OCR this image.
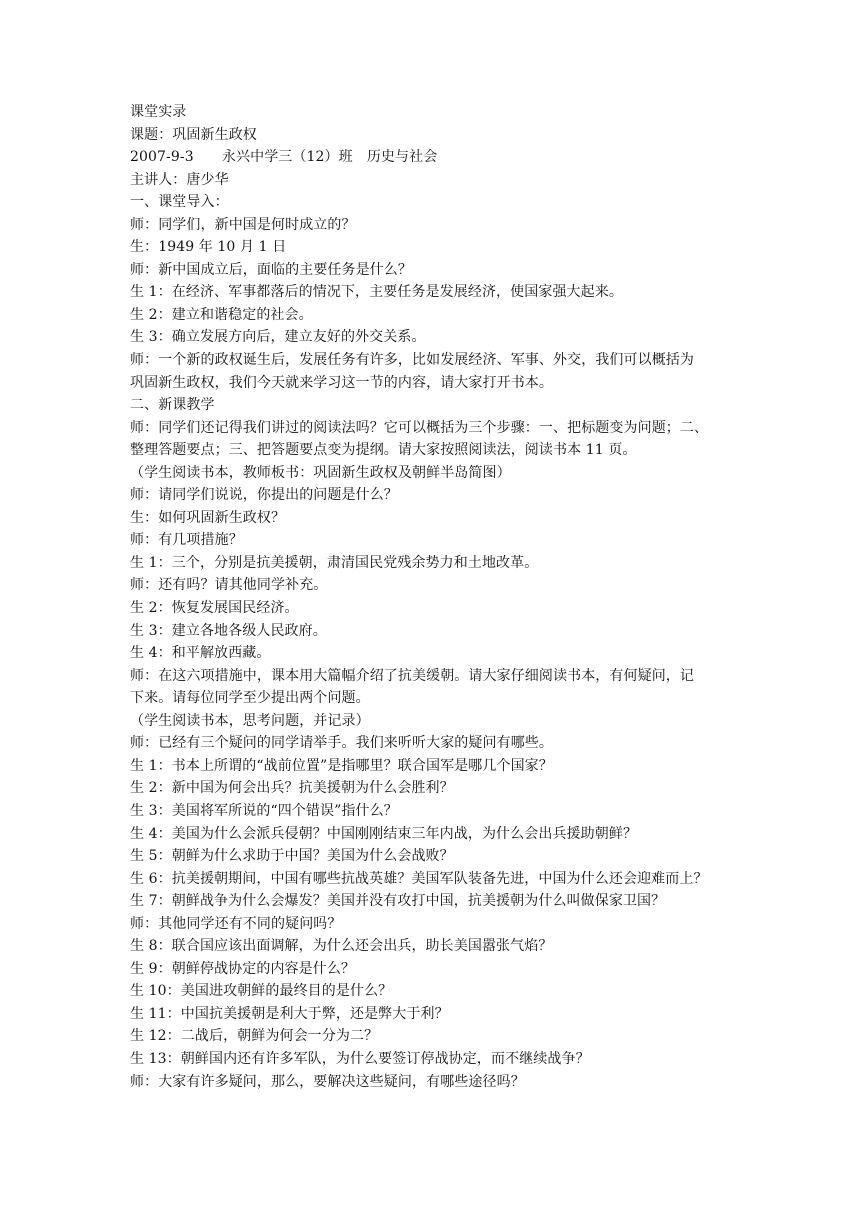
课堂实录
课题：巩固新生政权
2007-9-3　　永兴中学三（12）班　历史与社会
主讲人：唐少华
一、课堂导入：
师：同学们，新中国是何时成立的？
生：1949 年 10 月 1 日
师：新中国成立后，面临的主要任务是什么？
生 1：在经济、军事都落后的情况下，主要任务是发展经济，使国家强大起来。
生 2：建立和谐稳定的社会。
生 3：确立发展方向后，建立友好的外交关系。
师：一个新的政权诞生后，发展任务有许多，比如发展经济、军事、外交，我们可以概括为
巩固新生政权，我们今天就来学习这一节的内容，请大家打开书本。
二、新课教学
师：同学们还记得我们讲过的阅读法吗？它可以概括为三个步骤：一、把标题变为问题；二、
整理答题要点；三、把答题要点变为提纲。请大家按照阅读法，阅读书本 11 页。
（学生阅读书本，教师板书：巩固新生政权及朝鲜半岛简图）
师：请同学们说说，你提出的问题是什么？
生：如何巩固新生政权？
师：有几项措施？
生 1：三个，分别是抗美援朝，肃清国民党残余势力和土地改革。
师：还有吗？请其他同学补充。
生 2：恢复发展国民经济。
生 3：建立各地各级人民政府。
生 4：和平解放西藏。
师：在这六项措施中，课本用大篇幅介绍了抗美缓朝。请大家仔细阅读书本，有何疑问，记
下来。请每位同学至少提出两个问题。
（学生阅读书本，思考问题，并记录）
师：已经有三个疑问的同学请举手。我们来听听大家的疑问有哪些。
生 1：书本上所谓的“战前位置”是指哪里？联合国军是哪几个国家？
生 2：新中国为何会出兵？抗美援朝为什么会胜利？
生 3：美国将军所说的“四个错误”指什么？
生 4：美国为什么会派兵侵朝？中国刚刚结束三年内战，为什么会出兵援助朝鲜？
生 5：朝鲜为什么求助于中国？美国为什么会战败？
生 6：抗美援朝期间，中国有哪些抗战英雄？美国军队装备先进，中国为什么还会迎难而上？
生 7：朝鲜战争为什么会爆发？美国并没有攻打中国，抗美援朝为什么叫做保家卫国？
师：其他同学还有不同的疑问吗？
生 8：联合国应该出面调解，为什么还会出兵，助长美国嚣张气焰？
生 9：朝鲜停战协定的内容是什么？
生 10：美国进攻朝鲜的最终目的是什么？
生 11：中国抗美援朝是利大于弊，还是弊大于利？
生 12：二战后，朝鲜为何会一分为二？
生 13：朝鲜国内还有许多军队，为什么要签订停战协定，而不继续战争？
师：大家有许多疑问，那么，要解决这些疑问，有哪些途径吗？
